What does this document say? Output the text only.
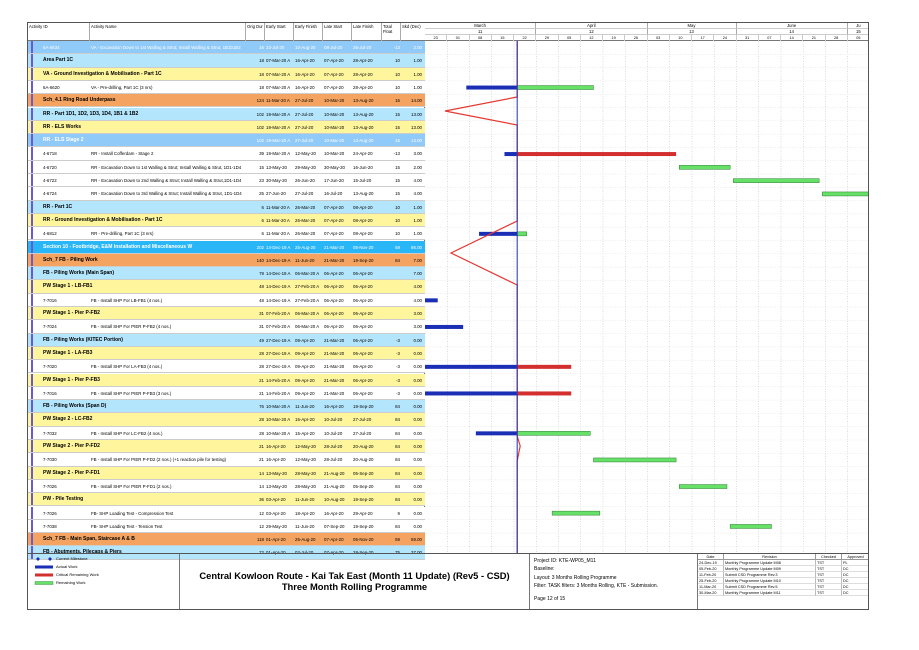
Activity ID	Activity Name	Orig Dur Early Start	Early Finish	Late Start	Late Finish	Total Float
Skd (Dec)
6A-6534	VA - Excavation Down to 1st Walling & Strut; Install Walling & Strut, 1B1b1B2	16 23-Jul-20	10-Aug-20	08-Jul-20	25-Jul-20	-13	2.00
Area Part 1C	18 07-Mar-20 A	16-Apr-20	07-Apr-20	28-Apr-20	10	1.00
VA - Ground Investigation & Mobilisation - Part 1C	18 07-Mar-20 A	16-Apr-20	07-Apr-20	28-Apr-20	10	1.00
6A-6620	VA - Pre-drilling, Part 1C (3 nrs)	18 07-Mar-20 A	16-Apr-20	07-Apr-20	28-Apr-20	10	1.00
Sch_4.1 Ring Road Underpass	124 11-Mar-20 A	27-Jul-20	10-Mar-20	13-Aug-20	15	14.00
RR - Part 1D1, 1D2, 1D3, 1D4, 1B1 & 1B2	102 19-Mar-20 A	27-Jul-20	10-Mar-20	13-Aug-20	15	13.00
RR - ELS Works	102 19-Mar-20 A	27-Jul-20	10-Mar-20	13-Aug-20	15	13.00
RR - ELS Stage 2	102 19-Mar-20 A	27-Jul-20	10-Mar-20	13-Aug-20	15	13.00
4-6718	RR - Install Cofferdam - Stage 2	39 19-Mar-20 A	12-May-20	10-Mar-20	24-Apr-20	-13	3.00
4-6720	RR - Excavation Down to 1st Walling & Strut; Install Walling & Strut, 1D1-1D4	15 13-May-20	29-May-20	30-May-20	16-Jun-20	15	2.00
4-6722	RR - Excavation Down to 2nd Walling & Strut; Install Walling & Strut,1D1-1D4	23 30-May-20	26-Jun-20	17-Jun-20	15-Jul-20	15	4.00
4-6724	RR - Excavation Down to 3rd Walling & Strut; Install Walling & Strut, 1D1-1D4	25 27-Jun-20	27-Jul-20	16-Jul-20	13-Aug-20	15	4.00
RR - Part 1C	6 11-Mar-20 A	26-Mar-20	07-Apr-20	08-Apr-20	10	1.00
RR - Ground Investigation & Mobilisation - Part 1C	6 11-Mar-20 A	26-Mar-20	07-Apr-20	08-Apr-20	10	1.00
4-6812	RR - Pre-drilling, Part 1C (3 nrs)	6 11-Mar-20 A	26-Mar-20	07-Apr-20	08-Apr-20	10	1.00
Section 10 - Footbridge, E&M Installation and Miscellaneous W	202 14-Dec-19 A	25-Aug-20	21-Mar-20	05-Nov-20	59	86.00
Sch_7 FB - Piling Work	140 14-Dec-19 A	11-Jun-20	21-Mar-20	19-Sep-20	84	7.00
FB - Piling Works (Main Span)	79 14-Dec-19 A	06-Mar-20 A	06-Apr-20	06-Apr-20	7.00
PW Stage 1 - LB-FB1	48 14-Dec-19 A	27-Feb-20 A	06-Apr-20	06-Apr-20	4.00
7-7016	FB - Install SHP For LB-FB1 (4 nos.)	48 14-Dec-19 A	27-Feb-20 A	06-Apr-20	06-Apr-20	4.00
PW Stage 1 - Pier P-FB2	31 07-Feb-20 A	06-Mar-20 A	06-Apr-20	06-Apr-20	3.00
7-7024	FB - Install SHP For PIER P-FB2 (4 nos.)	31 07-Feb-20 A	06-Mar-20 A	06-Apr-20	06-Apr-20	3.00
FB - Piling Works (KITEC Portion)	49 27-Dec-19 A	09-Apr-20	21-Mar-20	06-Apr-20	-3	0.00
PW Stage 1 - LA-FB3	28 27-Dec-19 A	09-Apr-20	21-Mar-20	06-Apr-20	-3	0.00
7-7020	FB - Install SHP For LA-FB3 (4 nos.)	28 27-Dec-19 A	09-Apr-20	21-Mar-20	06-Apr-20	-3	0.00
PW Stage 1 - Pier P-FB3	21 14-Feb-20 A	09-Apr-20	21-Mar-20	06-Apr-20	-3	0.00
7-7016	FB - Install SHP For PIER P-FB3 (3 nos.)	21 14-Feb-20 A	09-Apr-20	21-Mar-20	06-Apr-20	-3	0.00
FB - Piling Works (Span D)	76 10-Mar-20 A	11-Jun-20	16-Apr-20	19-Sep-20	84	0.00
PW Stage 2 - LC-FB2	28 10-Mar-20 A	15-Apr-20	10-Jul-20	27-Jul-20	84	0.00
7-7032	FB - Install SHP For LC-FB2 (4 nos.)	28 10-Mar-20 A	15-Apr-20	10-Jul-20	27-Jul-20	84	0.00
PW Stage 2 - Pier P-FD2	21 16-Apr-20	12-May-20	28-Jul-20	20-Aug-20	84	0.00
7-7030	FB - Install SHP For PIER P-FD2 (2 nos.) (+1 reaction pile for testing)	21 16-Apr-20	12-May-20	28-Jul-20	20-Aug-20	84	0.00
PW Stage 2 - Pier P-FD1	14 13-May-20	28-May-20	21-Aug-20	05-Sep-20	84	0.00
7-7026	FB - Install SHP For PIER P-FD1 (2 nos.)	14 13-May-20	28-May-20	21-Aug-20	05-Sep-20	84	0.00
PW - Pile Testing	36 03-Apr-20	11-Jun-20	10-Aug-20	19-Sep-20	84	0.00
7-7026	FB- SHP Loading Test - Compression Test	12 03-Apr-20	18-Apr-20	16-Apr-20	29-Apr-20	9	0.00
7-7038	FB- SHP Loading Test - Tension Test	12 29-May-20	11-Jun-20	07-Sep-20	19-Sep-20	84	0.00
Sch_7 FB - Main Span, Staircase A & B	118 01-Apr-20	25-Aug-20	07-Apr-20	05-Nov-20	59	59.00
FB - Abutments, Pilecaps & Piers	72 01-Apr-20	02-Jul-20	07-Apr-20	28-Sep-20	75	37.00
March
11
April
12
May
13
June
14
Ju
15
23	01	08	15	22	29	05	12	19	26	03	10	17	24	31	07	14	21	28	05
Current Milestone
Actual Work
Critical Remaining Work
Remaining Work
Central Kowloon Route - Kai Tak East (Month 11 Update) (Rev5 - CSD)
Three Month Rolling Programme
Project ID: KTE-WP05_M11
Baseline:
Layout: 3 Months Rolling Programme
Filter: TASK filters: 3 Months Rolling, KTE - Submission.
Page 12 of 15
Date	Revision	Checked	Approved
24-Dec-19	Monthly Programme Update M08	TST	PL
05-Feb-20	Monthly Programme Update M09	TST	DC
11-Feb-20	Submit CSD Programme Rev.3	TST	DC
25-Feb-20	Monthly Programme Update M10	TST	DC
11-Mar-20	Submit CSD Programme Rev.5	TST	DC
30-Mar-20	Monthly Programme Update M11	TST	DC
